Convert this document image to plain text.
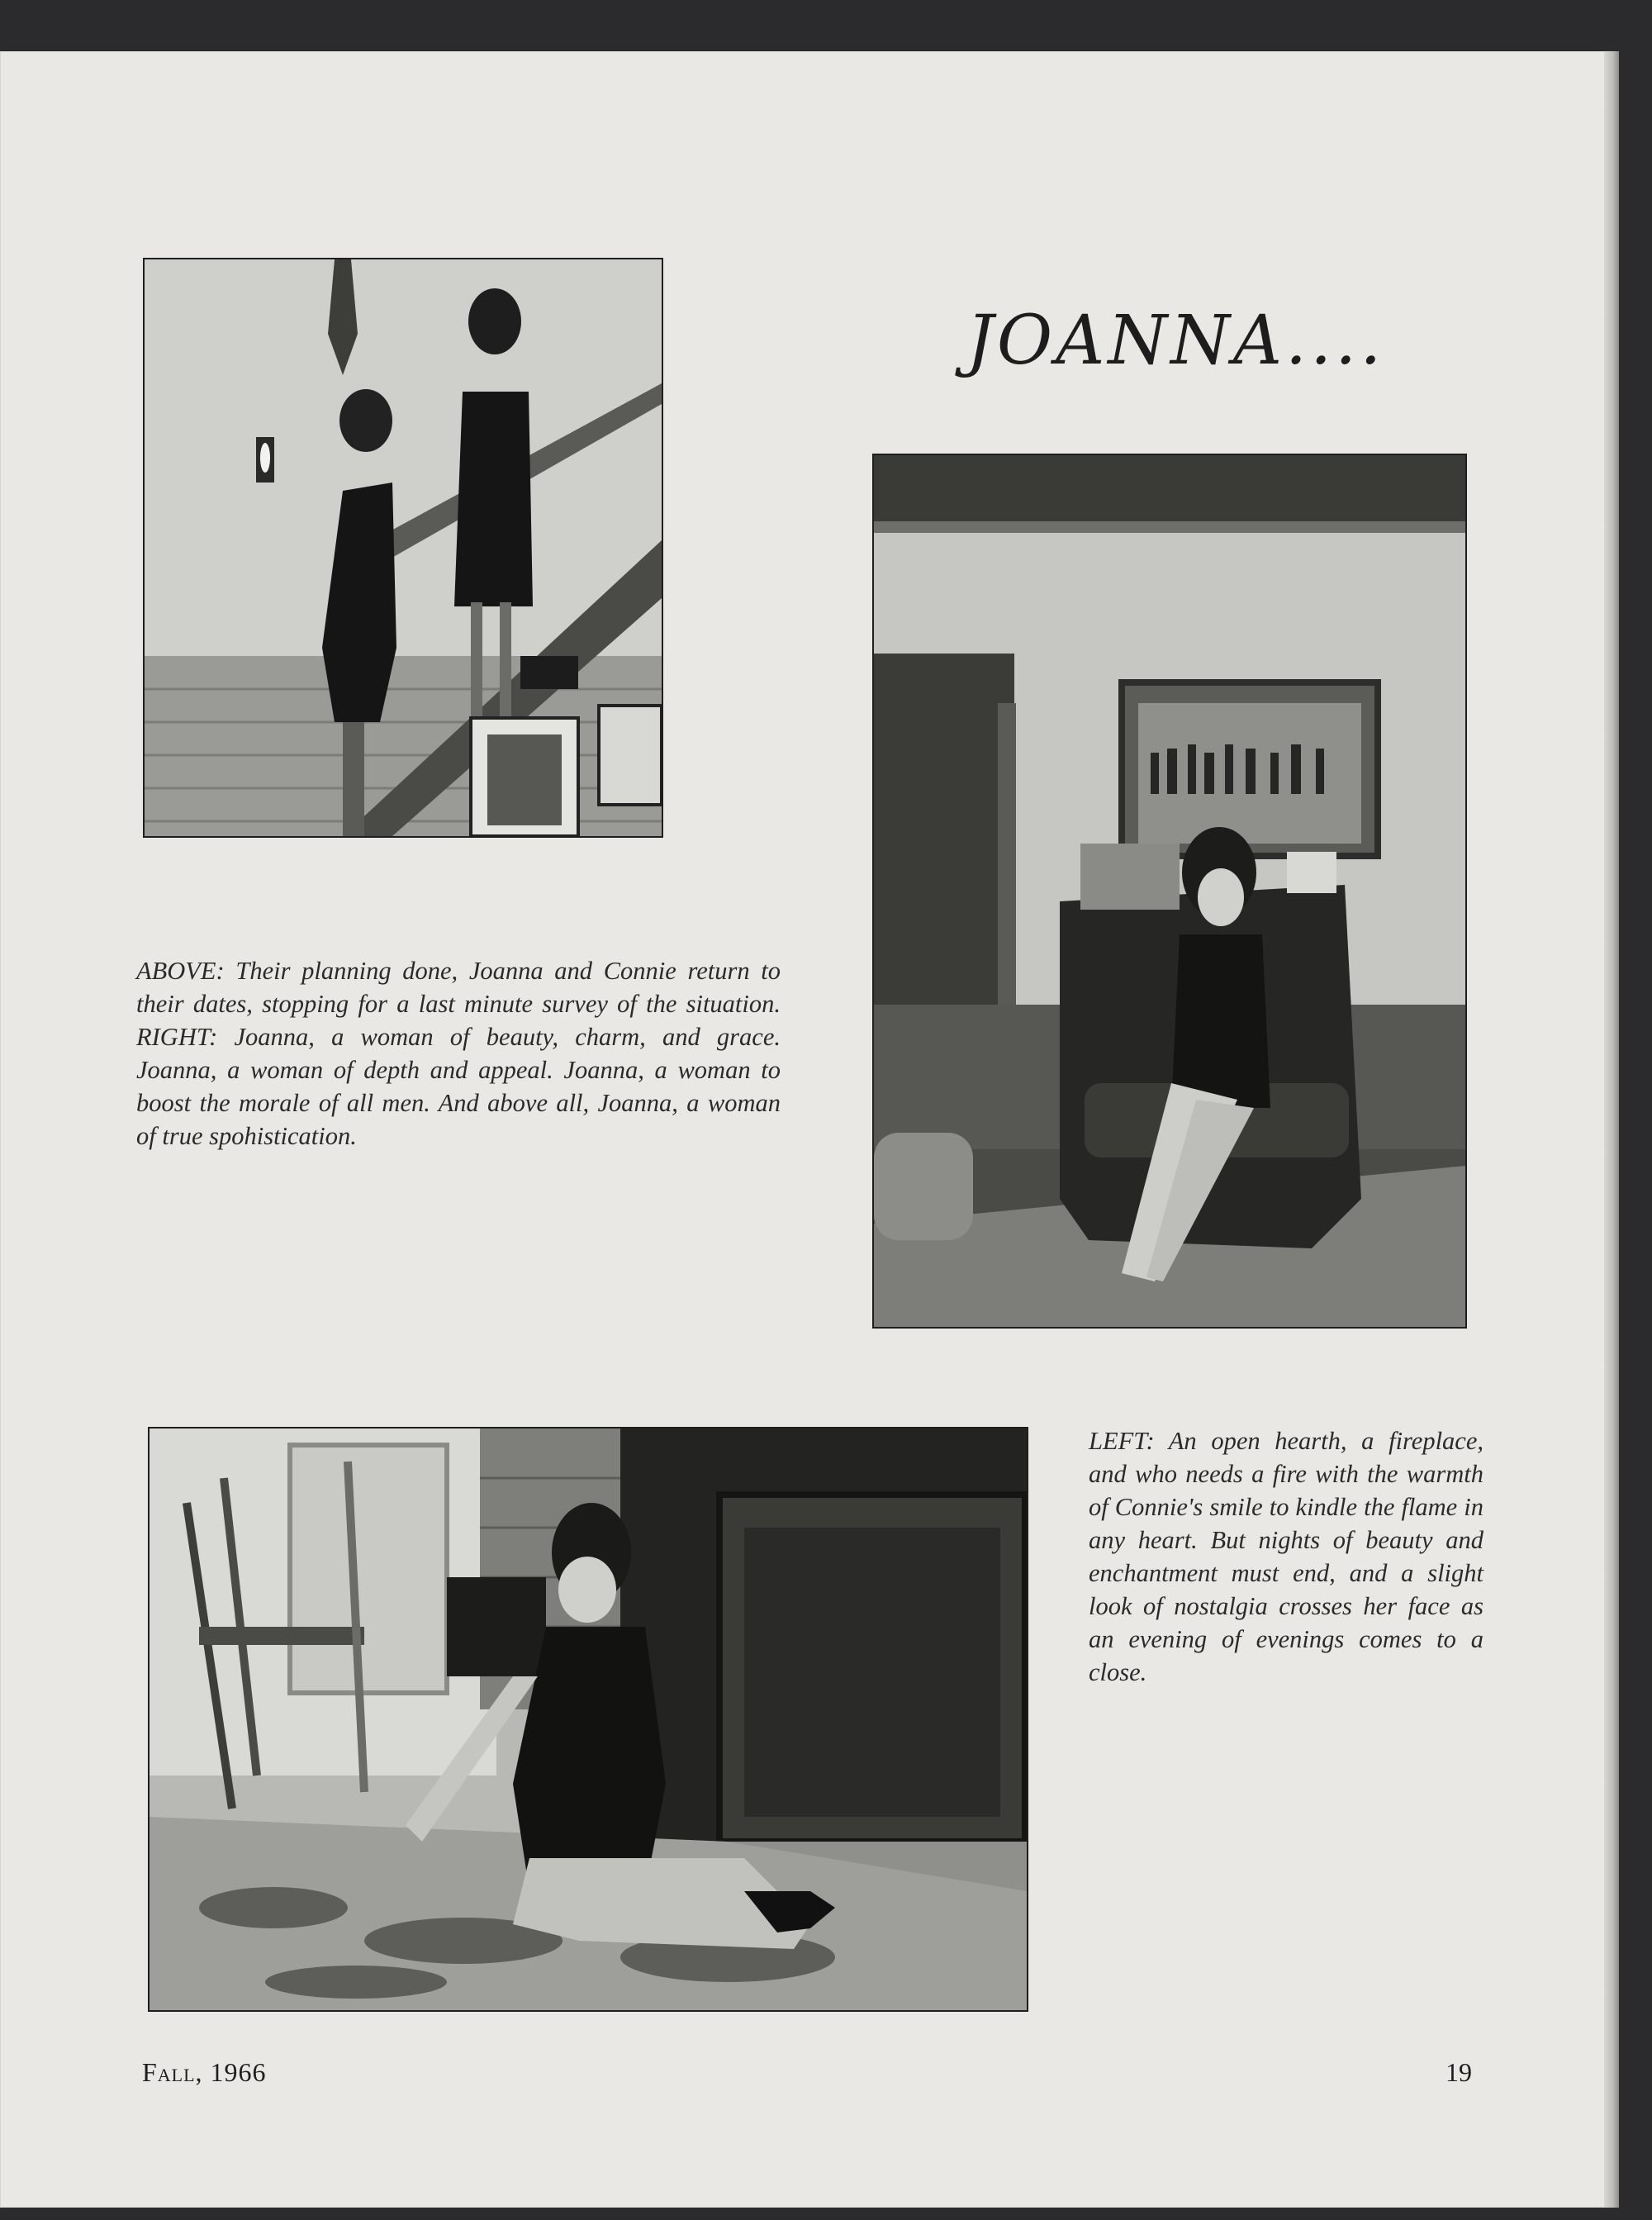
JOANNA....

ABOVE: Their planning done, Joanna and Connie return to their dates, stopping for a last minute survey of the situation. RIGHT: Joanna, a woman of beauty, charm, and grace. Joanna, a woman of depth and appeal. Joanna, a woman to boost the morale of all men. And above all, Joanna, a woman of true spohistication.

LEFT: An open hearth, a fireplace, and who needs a fire with the warmth of Connie's smile to kindle the flame in any heart. But nights of beauty and enchantment must end, and a slight look of nostalgia crosses her face as an evening of evenings comes to a close.

Fall, 1966	19
